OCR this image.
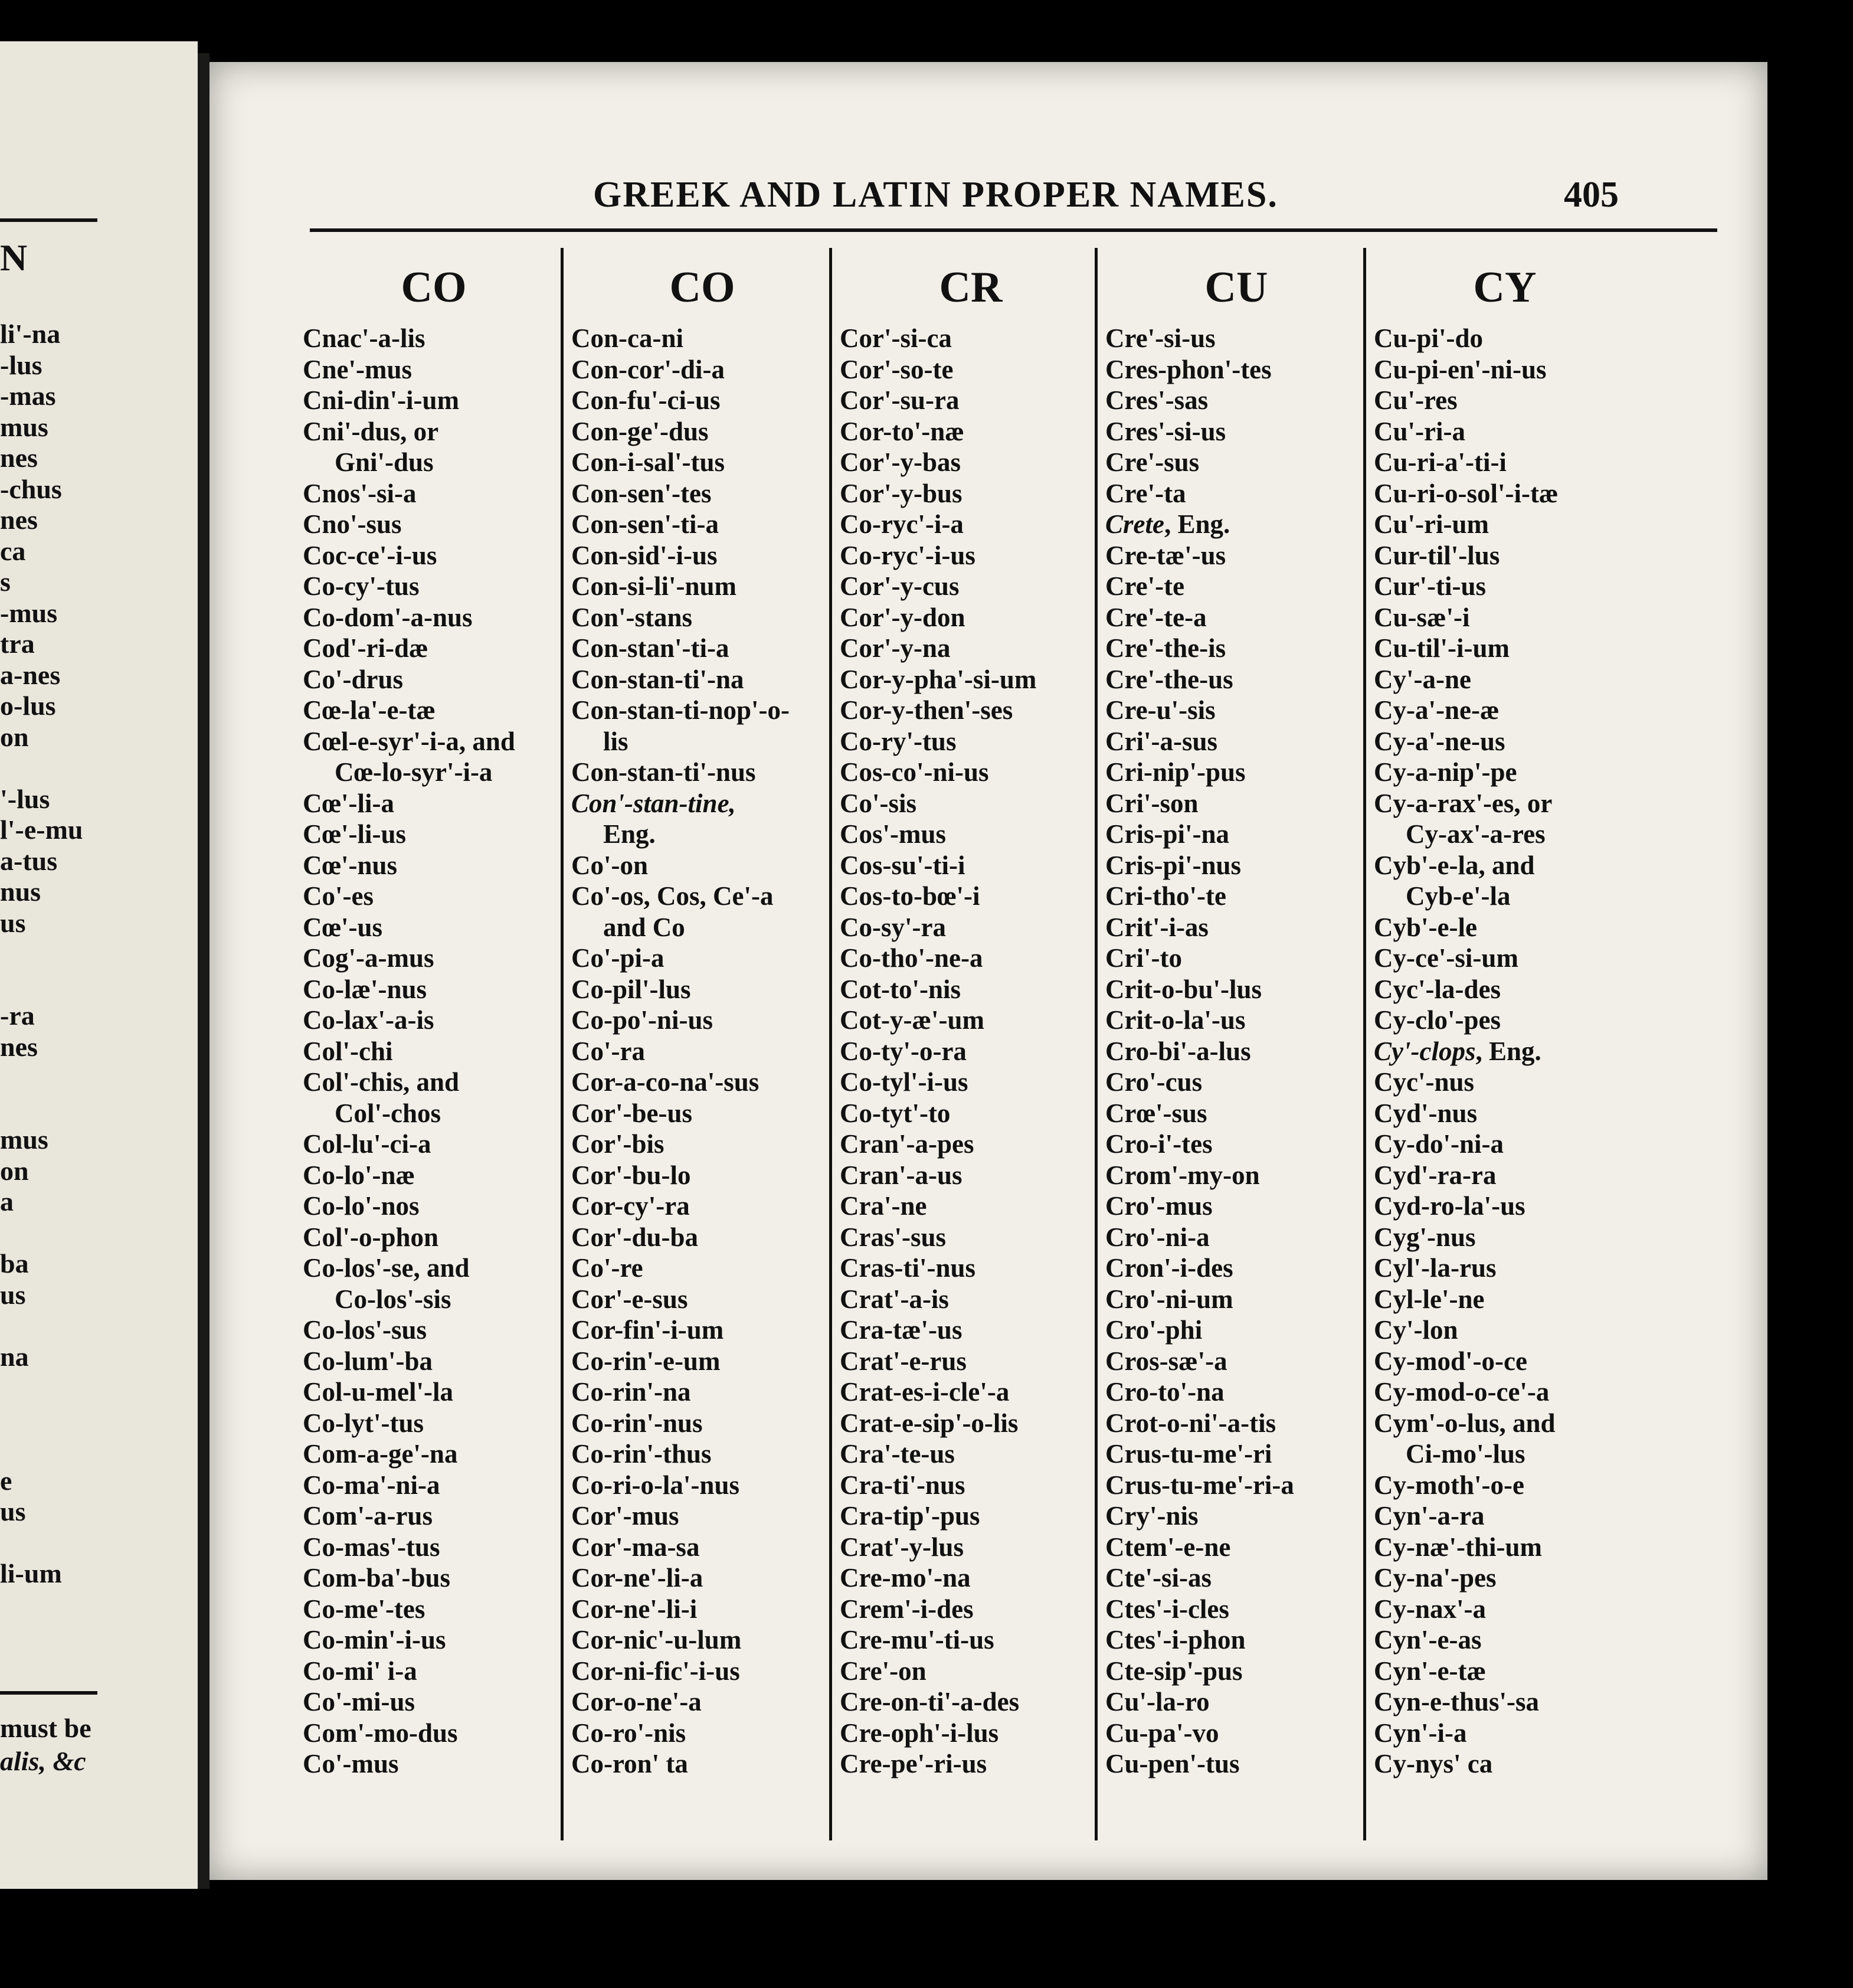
N
li'-na
-lus
-mas
mus
nes
-chus
nes
ca
s
-mus
tra
a-nes
o-lus
on
'-lus
l'-e-mu
a-tus
nus
us
-ra
nes
mus
on
a
ba
us
na
e
us
li-um
must be
alis, &c
GREEK AND LATIN PROPER NAMES.	405
CO
Cnac'-a-lis
Cne'-mus
Cni-din'-i-um
Cni'-dus, or
Gni'-dus
Cnos'-si-a
Cno'-sus
Coc-ce'-i-us
Co-cy'-tus
Co-dom'-a-nus
Cod'-ri-dæ
Co'-drus
Cœ-la'-e-tæ
Cœl-e-syr'-i-a, and
Cœ-lo-syr'-i-a
Cœ'-li-a
Cœ'-li-us
Cœ'-nus
Co'-es
Cœ'-us
Cog'-a-mus
Co-læ'-nus
Co-lax'-a-is
Col'-chi
Col'-chis, and
Col'-chos
Col-lu'-ci-a
Co-lo'-næ
Co-lo'-nos
Col'-o-phon
Co-los'-se, and
Co-los'-sis
Co-los'-sus
Co-lum'-ba
Col-u-mel'-la
Co-lyt'-tus
Com-a-ge'-na
Co-ma'-ni-a
Com'-a-rus
Co-mas'-tus
Com-ba'-bus
Co-me'-tes
Co-min'-i-us
Co-mi' i-a
Co'-mi-us
Com'-mo-dus
Co'-mus
CO
Con-ca-ni
Con-cor'-di-a
Con-fu'-ci-us
Con-ge'-dus
Con-i-sal'-tus
Con-sen'-tes
Con-sen'-ti-a
Con-sid'-i-us
Con-si-li'-num
Con'-stans
Con-stan'-ti-a
Con-stan-ti'-na
Con-stan-ti-nop'-o-
lis
Con-stan-ti'-nus
Con'-stan-tine,
Eng.
Co'-on
Co'-os, Cos, Ce'-a
and Co
Co'-pi-a
Co-pil'-lus
Co-po'-ni-us
Co'-ra
Cor-a-co-na'-sus
Cor'-be-us
Cor'-bis
Cor'-bu-lo
Cor-cy'-ra
Cor'-du-ba
Co'-re
Cor'-e-sus
Cor-fin'-i-um
Co-rin'-e-um
Co-rin'-na
Co-rin'-nus
Co-rin'-thus
Co-ri-o-la'-nus
Cor'-mus
Cor'-ma-sa
Cor-ne'-li-a
Cor-ne'-li-i
Cor-nic'-u-lum
Cor-ni-fic'-i-us
Cor-o-ne'-a
Co-ro'-nis
Co-ron' ta
CR
Cor'-si-ca
Cor'-so-te
Cor'-su-ra
Cor-to'-næ
Cor'-y-bas
Cor'-y-bus
Co-ryc'-i-a
Co-ryc'-i-us
Cor'-y-cus
Cor'-y-don
Cor'-y-na
Cor-y-pha'-si-um
Cor-y-then'-ses
Co-ry'-tus
Cos-co'-ni-us
Co'-sis
Cos'-mus
Cos-su'-ti-i
Cos-to-bœ'-i
Co-sy'-ra
Co-tho'-ne-a
Cot-to'-nis
Cot-y-æ'-um
Co-ty'-o-ra
Co-tyl'-i-us
Co-tyt'-to
Cran'-a-pes
Cran'-a-us
Cra'-ne
Cras'-sus
Cras-ti'-nus
Crat'-a-is
Cra-tæ'-us
Crat'-e-rus
Crat-es-i-cle'-a
Crat-e-sip'-o-lis
Cra'-te-us
Cra-ti'-nus
Cra-tip'-pus
Crat'-y-lus
Cre-mo'-na
Crem'-i-des
Cre-mu'-ti-us
Cre'-on
Cre-on-ti'-a-des
Cre-oph'-i-lus
Cre-pe'-ri-us
CU
Cre'-si-us
Cres-phon'-tes
Cres'-sas
Cres'-si-us
Cre'-sus
Cre'-ta
Crete, Eng.
Cre-tæ'-us
Cre'-te
Cre'-te-a
Cre'-the-is
Cre'-the-us
Cre-u'-sis
Cri'-a-sus
Cri-nip'-pus
Cri'-son
Cris-pi'-na
Cris-pi'-nus
Cri-tho'-te
Crit'-i-as
Cri'-to
Crit-o-bu'-lus
Crit-o-la'-us
Cro-bi'-a-lus
Cro'-cus
Crœ'-sus
Cro-i'-tes
Crom'-my-on
Cro'-mus
Cro'-ni-a
Cron'-i-des
Cro'-ni-um
Cro'-phi
Cros-sæ'-a
Cro-to'-na
Crot-o-ni'-a-tis
Crus-tu-me'-ri
Crus-tu-me'-ri-a
Cry'-nis
Ctem'-e-ne
Cte'-si-as
Ctes'-i-cles
Ctes'-i-phon
Cte-sip'-pus
Cu'-la-ro
Cu-pa'-vo
Cu-pen'-tus
CY
Cu-pi'-do
Cu-pi-en'-ni-us
Cu'-res
Cu'-ri-a
Cu-ri-a'-ti-i
Cu-ri-o-sol'-i-tæ
Cu'-ri-um
Cur-til'-lus
Cur'-ti-us
Cu-sæ'-i
Cu-til'-i-um
Cy'-a-ne
Cy-a'-ne-æ
Cy-a'-ne-us
Cy-a-nip'-pe
Cy-a-rax'-es, or
Cy-ax'-a-res
Cyb'-e-la, and
Cyb-e'-la
Cyb'-e-le
Cy-ce'-si-um
Cyc'-la-des
Cy-clo'-pes
Cy'-clops, Eng.
Cyc'-nus
Cyd'-nus
Cy-do'-ni-a
Cyd'-ra-ra
Cyd-ro-la'-us
Cyg'-nus
Cyl'-la-rus
Cyl-le'-ne
Cy'-lon
Cy-mod'-o-ce
Cy-mod-o-ce'-a
Cym'-o-lus, and
Ci-mo'-lus
Cy-moth'-o-e
Cyn'-a-ra
Cy-næ'-thi-um
Cy-na'-pes
Cy-nax'-a
Cyn'-e-as
Cyn'-e-tæ
Cyn-e-thus'-sa
Cyn'-i-a
Cy-nys' ca
